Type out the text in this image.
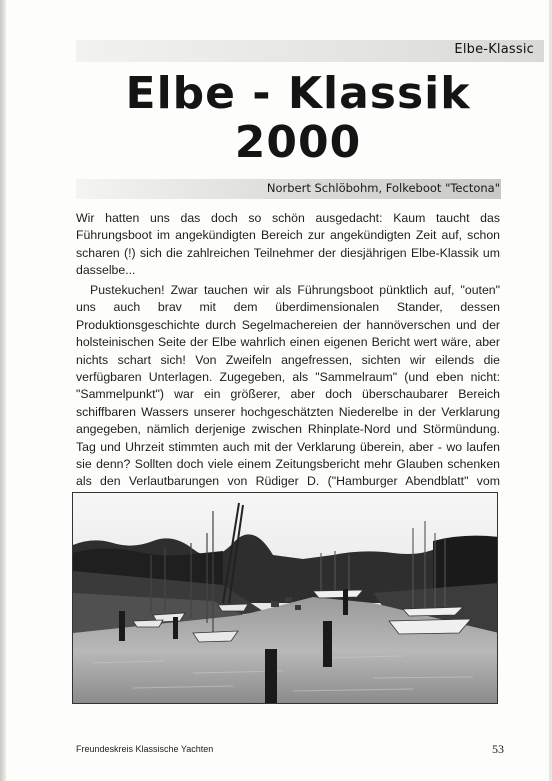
Elbe-Klassic
Elbe - Klassik
2000
Norbert Schlöbohm, Folkeboot "Tectona"

Wir hatten uns das doch so schön ausgedacht: Kaum taucht das Führungsboot im angekündigten Bereich zur angekündigten Zeit auf, schon scharen (!) sich die zahlreichen Teilnehmer der diesjährigen Elbe-Klassik um dasselbe...

Pustekuchen! Zwar tauchen wir als Führungsboot pünktlich auf, "outen" uns auch brav mit dem überdimensionalen Stander, dessen Produktionsgeschichte durch Segelmachereien der hannöverschen und der holsteinischen Seite der Elbe wahrlich einen eigenen Bericht wert wäre, aber nichts schart sich! Von Zweifeln angefressen, sichten wir eilends die verfügbaren Unterlagen. Zugegeben, als "Sammelraum" (und eben nicht: "Sammelpunkt") war ein größerer, aber doch überschaubarer Bereich schiffbaren Wassers unserer hochgeschätzten Niederelbe in der Verklarung angegeben, nämlich derjenige zwischen Rhinplate-Nord und Störmündung. Tag und Uhrzeit stimmten auch mit der Verklarung überein, aber - wo laufen sie denn? Sollten doch viele einem Zeitungsbericht mehr Glauben schenken als den Verlautbarungen von Rüdiger D. ("Hamburger Abendblatt" vom

Freundeskreis Klassische Yachten	53
